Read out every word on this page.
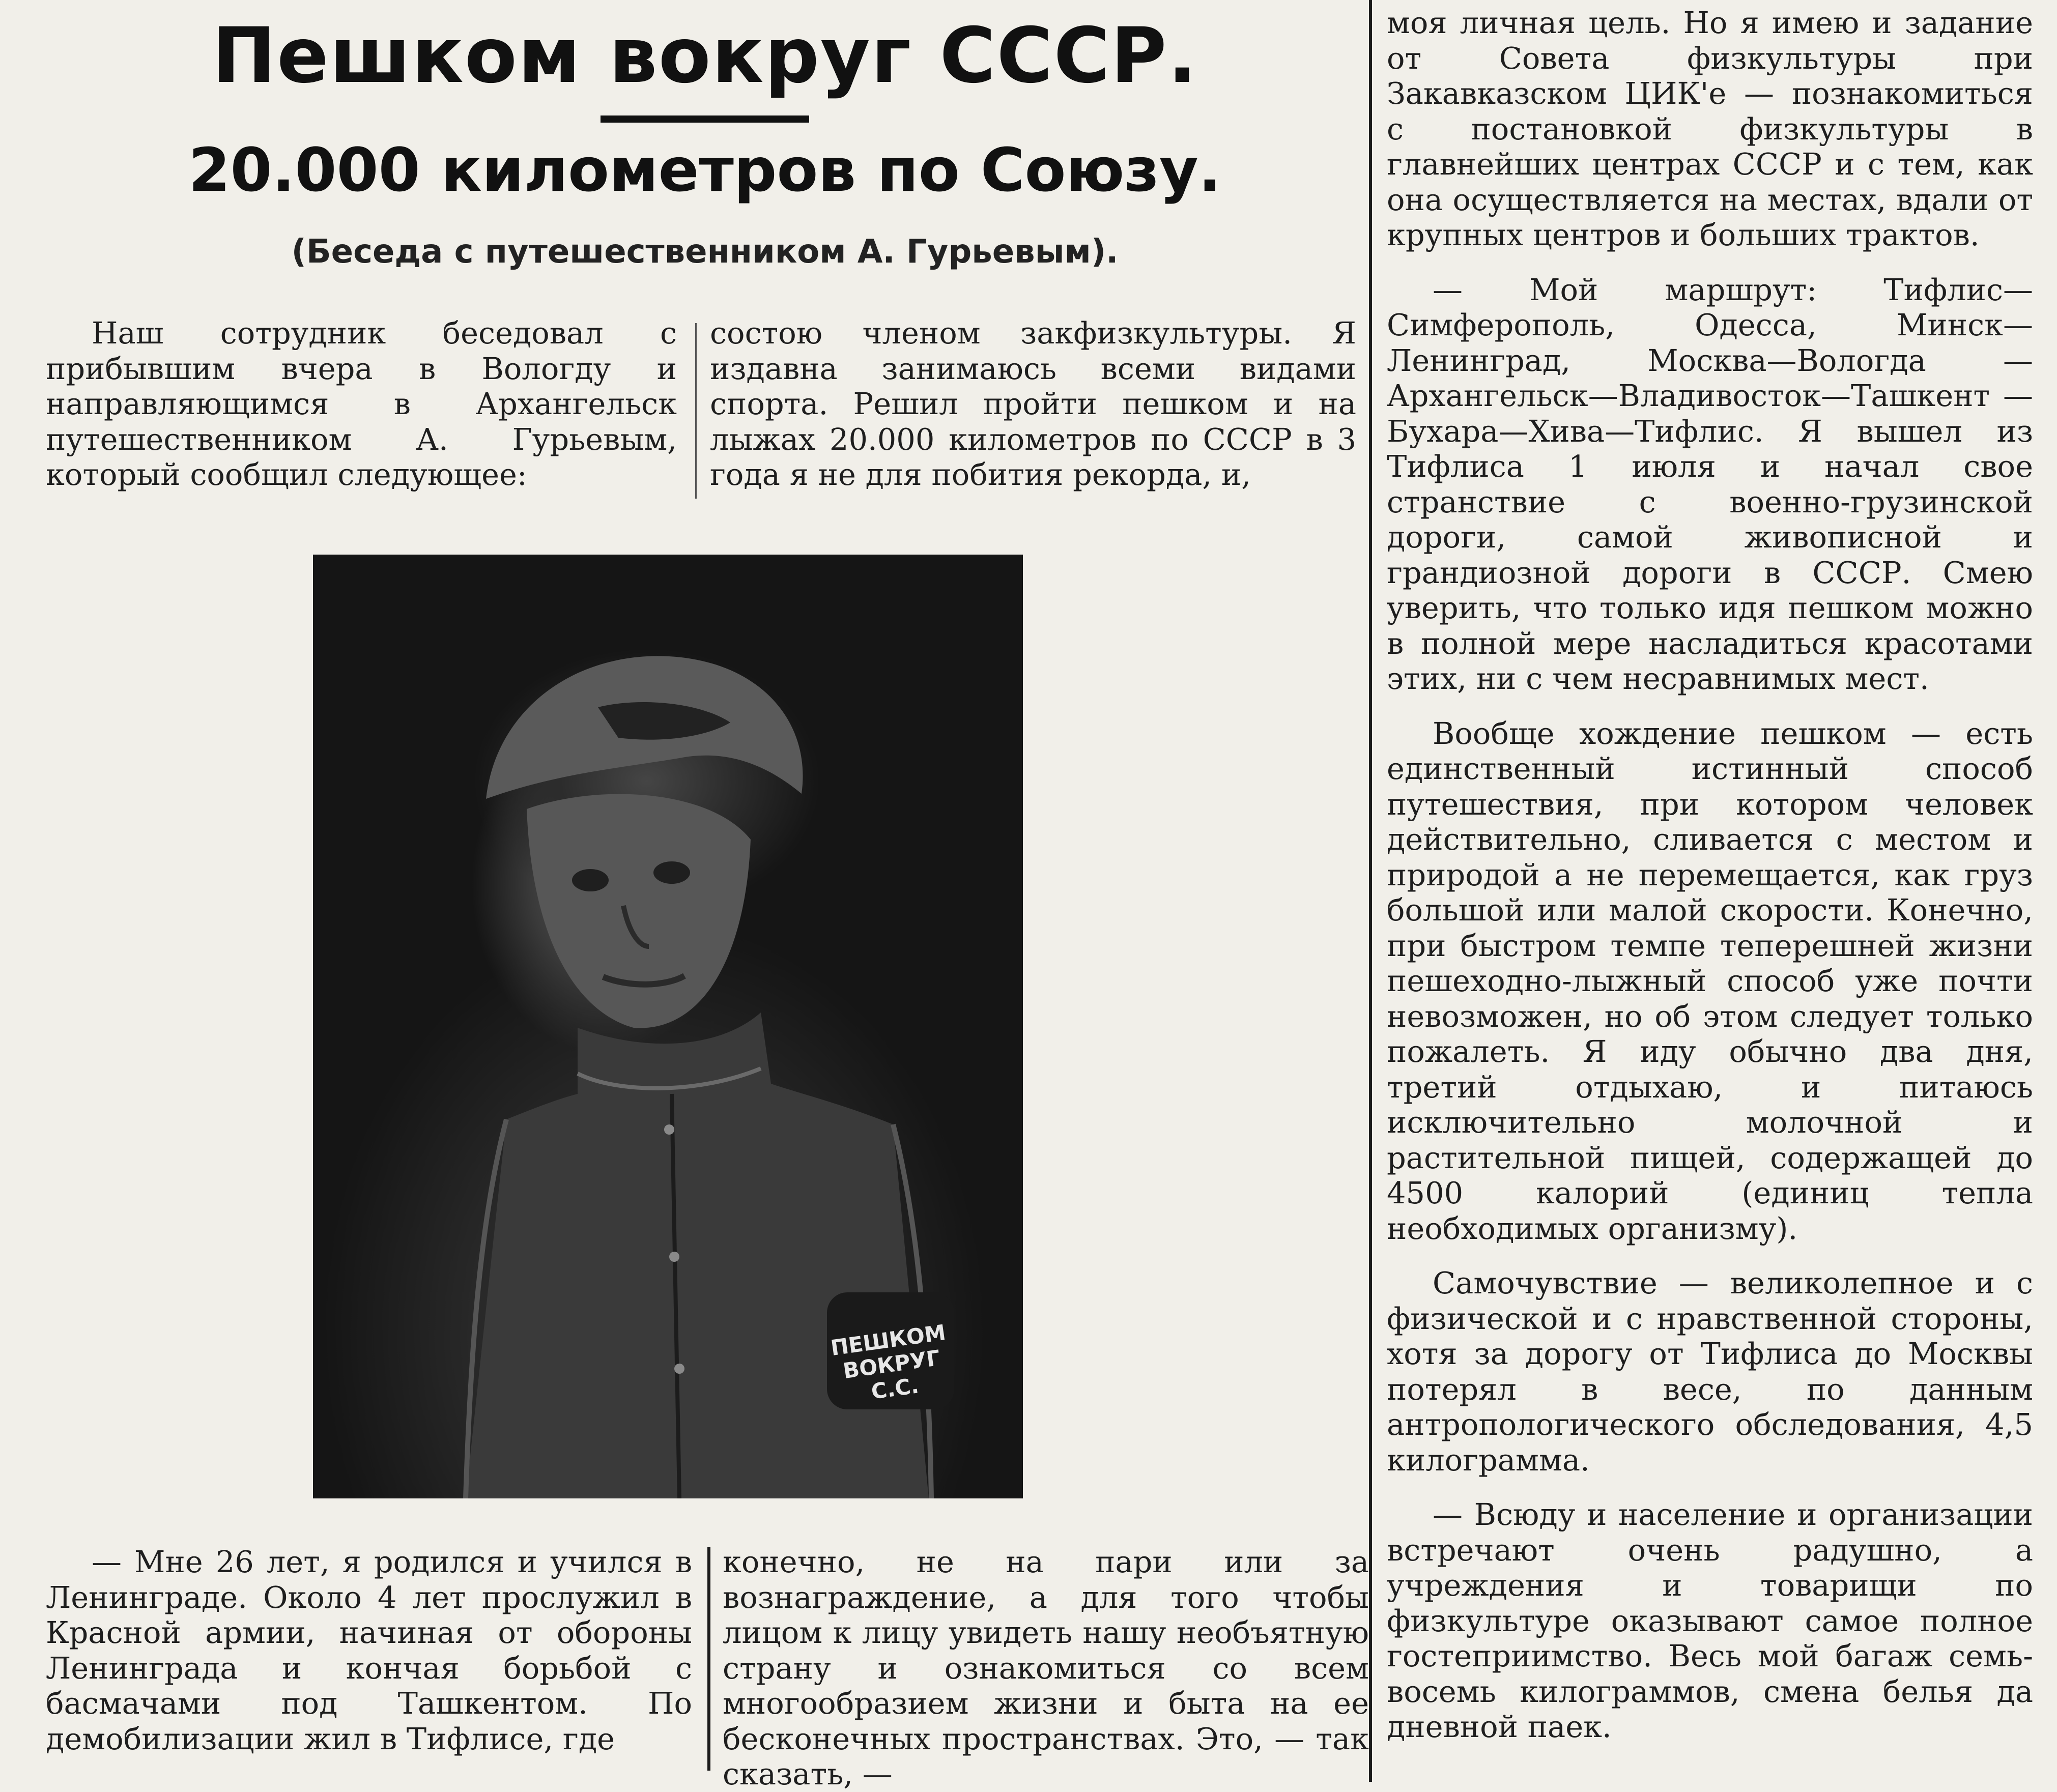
Пешком вокруг СССР.
20.000 километров по Союзу.

(Беседа с путешественником А. Гурьевым).

Наш сотрудник беседовал с прибывшим вчера в Вологду и направляющимся в Архангельск путешественником А. Гурьевым, который сообщил следующее:

состою членом закфизкультуры. Я издавна занимаюсь всеми видами спорта. Решил пройти пешком и на лыжах 20.000 километров по СССР в 3 года я не для побития рекорда, и,

ПЕШКОМ ВОКРУГ С.С.

— Мне 26 лет, я родился и учился в Ленинграде. Около 4 лет прослужил в Красной армии, начиная от обороны Ленинграда и кончая борьбой с басмачами под Ташкентом. По демобилизации жил в Тифлисе, где

конечно, не на пари или за вознаграждение, а для того чтобы лицом к лицу увидеть нашу необъятную страну и ознакомиться со всем многообразием жизни и быта на ее бесконечных пространствах. Это, — так сказать, —

моя личная цель. Но я имею и задание от Совета физкультуры при Закавказском ЦИК'е — познакомиться с постановкой физкультуры в главнейших центрах СССР и с тем, как она осуществляется на местах, вдали от крупных центров и больших трактов.

— Мой маршрут: Тифлис—Симферополь, Одесса, Минск—Ленинград, Москва—Вологда — Архангельск—Владивосток—Ташкент — Бухара—Хива—Тифлис. Я вышел из Тифлиса 1 июля и начал свое странствие с военно-грузинской дороги, самой живописной и грандиозной дороги в СССР. Смею уверить, что только идя пешком можно в полной мере насладиться красотами этих, ни с чем несравнимых мест.

Вообще хождение пешком — есть единственный истинный способ путешествия, при котором человек действительно, сливается с местом и природой а не перемещается, как груз большой или малой скорости. Конечно, при быстром темпе теперешней жизни пешеходно-лыжный способ уже почти невозможен, но об этом следует только пожалеть. Я иду обычно два дня, третий отдыхаю, и питаюсь исключительно молочной и растительной пищей, содержащей до 4500 калорий (единиц тепла необходимых организму).

Самочувствие — великолепное и с физической и с нравственной стороны, хотя за дорогу от Тифлиса до Москвы потерял в весе, по данным антропологического обследования, 4,5 килограмма.

— Всюду и население и организации встречают очень радушно, а учреждения и товарищи по физкультуре оказывают самое полное гостеприимство. Весь мой багаж семь-восемь килограммов, смена белья да дневной паек.
